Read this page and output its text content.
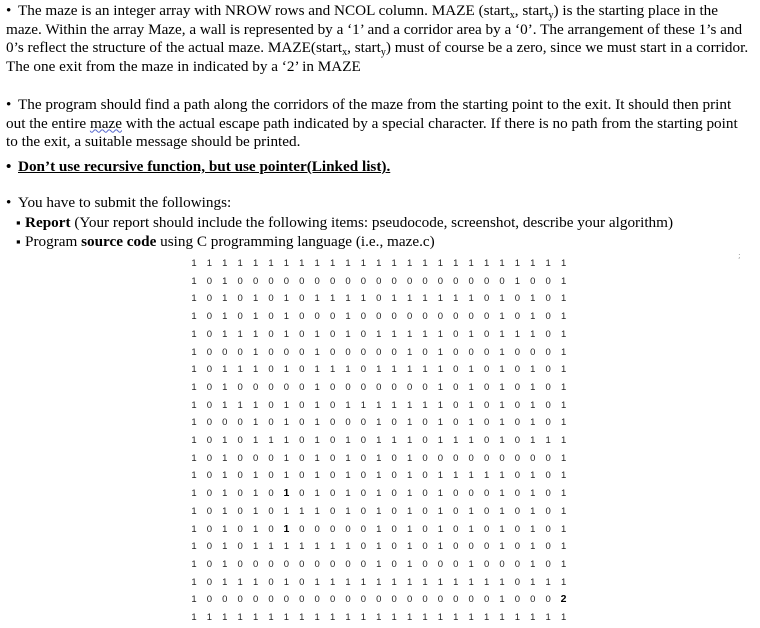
• The maze is an integer array with NROW rows and NCOL column. MAZE (start$_x$, start$_y$) is the starting place in the maze. Within the array Maze, a wall is represented by a ‘1’ and a corridor area by a ‘0’. The arrangement of these 1’s and 0’s reflect the structure of the actual maze. MAZE(start$_x$, start$_y$) must of course be a zero, since we must start in a corridor. The one exit from the maze in indicated by a ‘2’ in MAZE

• The program should find a path along the corridors of the maze from the starting point to the exit. It should then print out the entire maze with the actual escape path indicated by a special character. If there is no path from the starting point to the exit, a suitable message should be printed.

• Don’t use recursive function, but use pointer(Linked list).

• You have to submit the followings:

▪ Report (Your report should include the following items: pseudocode, screenshot, describe your algorithm)

▪ Program source code using C programming language (i.e., maze.c)

;
1	1	1	1	1	1	1	1	1	1	1	1	1	1	1	1	1	1	1	1	1	1	1	1	1
1	0	1	0	0	0	0	0	0	0	0	0	0	0	0	0	0	0	0	0	0	1	0	0	1
1	0	1	0	1	0	1	0	1	1	1	1	0	1	1	1	1	1	1	0	1	0	1	0	1
1	0	1	0	1	0	1	0	0	0	1	0	0	0	0	0	0	0	0	0	1	0	1	0	1
1	0	1	1	1	0	1	0	1	0	1	0	1	1	1	1	1	0	1	0	1	1	1	0	1
1	0	0	0	1	0	0	0	1	0	0	0	0	0	1	0	1	0	0	0	1	0	0	0	1
1	0	1	1	1	0	1	0	1	1	1	0	1	1	1	1	1	0	1	0	1	0	1	0	1
1	0	1	0	0	0	0	0	1	0	0	0	0	0	0	0	1	0	1	0	1	0	1	0	1
1	0	1	1	1	0	1	0	1	0	1	1	1	1	1	1	1	0	1	0	1	0	1	0	1
1	0	0	0	1	0	1	0	1	0	0	0	1	0	1	0	1	0	1	0	1	0	1	0	1
1	0	1	0	1	1	1	0	1	0	1	0	1	1	1	0	1	1	1	0	1	0	1	1	1
1	0	1	0	0	0	1	0	1	0	1	0	1	0	1	0	0	0	0	0	0	0	0	0	1
1	0	1	0	1	0	1	0	1	0	1	0	1	0	1	0	1	1	1	1	1	0	1	0	1
1	0	1	0	1	0 1	0	1	0	1	0	1	0	1	0	1	0	0	0	1	0	1	0	1
1	0	1	0	1	0	1	1	1	0	1	0	1	0	1	0	1	0	1	0	1	0	1	0	1
1	0	1	0	1	0 1	0	0	0	0	0	1	0	1	0	1	0	1	0	1	0	1	0	1
1	0	1	0	1	1	1	1	1	1	1	0	1	0	1	0	1	0	0	0	1	0	1	0	1
1	0	1	0	0	0	0	0	0	0	0	0	1	0	1	0	0	0	1	0	0	0	1	0	1
1	0	1	1	1	0	1	0	1	1	1	1	1	1	1	1	1	1	1	1	1	0	1	1	1
1	0	0	0	0	0	0	0	0	0	0	0	0	0	0	0	0	0	0	0	1	0	0	0 2
1	1	1	1	1	1	1	1	1	1	1	1	1	1	1	1	1	1	1	1	1	1	1	1	1
